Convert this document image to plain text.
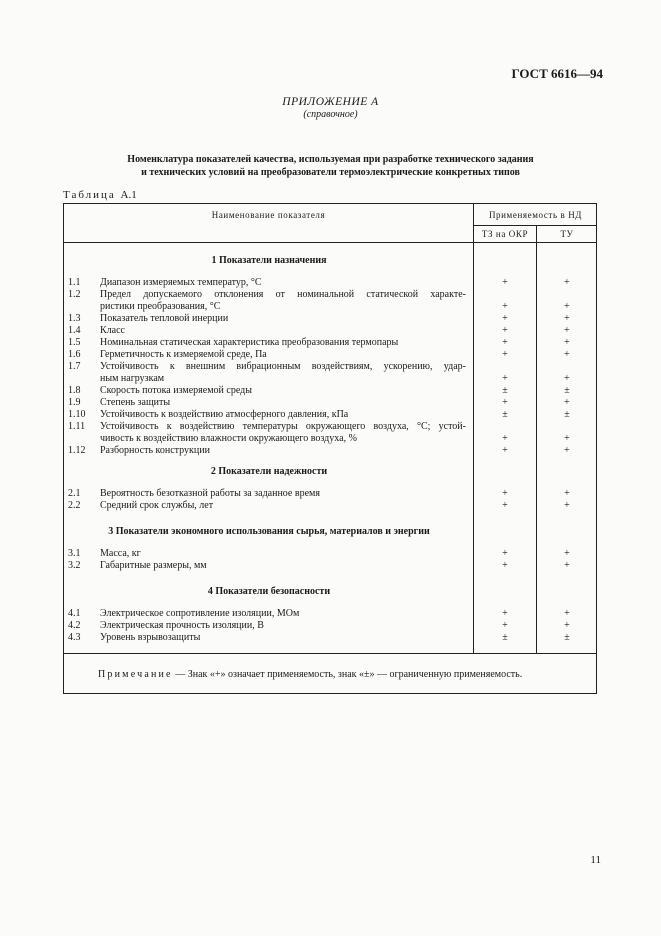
ГОСТ 6616—94
ПРИЛОЖЕНИЕ А
(справочное)
Номенклатура показателей качества, используемая при разработке технического задания
и технических условий на преобразователи термоэлектрические конкретных типов
Таблица А.1
Наименование показателя	Применяемость в НД
ТЗ на ОКР	ТУ
1 Показатели назначения
1.1 Диапазон измеряемых температур, °С	+	+
1.2 Предел допускаемого отклонения от номинальной статической характе-
ристики преобразования, °С	+	+
1.3 Показатель тепловой инерции	+	+
1.4 Класс	+	+
1.5 Номинальная статическая характеристика преобразования термопары	+	+
1.6 Герметичность к измеряемой среде, Па	+	+
1.7 Устойчивость к внешним вибрационным воздействиям, ускорению, удар-
ным нагрузкам	+	+
1.8 Скорость потока измеряемой среды	±	±
1.9 Степень защиты	+	+
1.10 Устойчивость к воздействию атмосферного давления, кПа	±	±
1.11 Устойчивость к воздействию температуры окружающего воздуха, °С; устой-
чивость к воздействию влажности окружающего воздуха, %	+	+
1.12 Разборность конструкции	+	+
2 Показатели надежности
2.1 Вероятность безотказной работы за заданное время	+	+
2.2 Средний срок службы, лет	+	+
3 Показатели экономного использования сырья, материалов и энергии
3.1 Масса, кг	+	+
3.2 Габаритные размеры, мм	+	+
4 Показатели безопасности
4.1 Электрическое сопротивление изоляции, МОм	+	+
4.2 Электрическая прочность изоляции, В	+	+
4.3 Уровень взрывозащиты	±	±
Примечание — Знак «+» означает применяемость, знак «±» — ограниченную применяемость.
11
